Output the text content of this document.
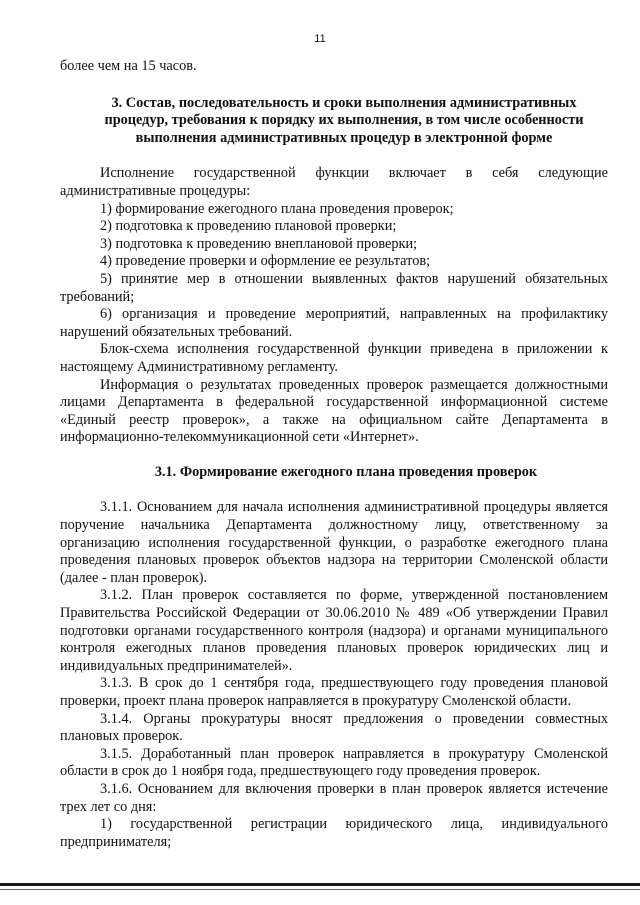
11

более чем на 15 часов.

3. Состав, последовательность и сроки выполнения административных процедур, требования к порядку их выполнения, в том числе особенности выполнения административных процедур в электронной форме

Исполнение государственной функции включает в себя следующие административные процедуры:

1) формирование ежегодного плана проведения проверок;

2) подготовка к проведению плановой проверки;

3) подготовка к проведению внеплановой проверки;

4) проведение проверки и оформление ее результатов;

5) принятие мер в отношении выявленных фактов нарушений обязательных требований;

6) организация и проведение мероприятий, направленных на профилактику нарушений обязательных требований.

Блок-схема исполнения государственной функции приведена в приложении к настоящему Административному регламенту.

Информация о результатах проведенных проверок размещается должностными лицами Департамента в федеральной государственной информационной системе «Единый реестр проверок», а также на официальном сайте Департамента в информационно-телекоммуникационной сети «Интернет».

3.1. Формирование ежегодного плана проведения проверок

3.1.1. Основанием для начала исполнения административной процедуры является поручение начальника Департамента должностному лицу, ответственному за организацию исполнения государственной функции, о разработке ежегодного плана проведения плановых проверок объектов надзора на территории Смоленской области (далее - план проверок).

3.1.2. План проверок составляется по форме, утвержденной постановлением Правительства Российской Федерации от 30.06.2010 № 489 «Об утверждении Правил подготовки органами государственного контроля (надзора) и органами муниципального контроля ежегодных планов проведения плановых проверок юридических лиц и индивидуальных предпринимателей».

3.1.3. В срок до 1 сентября года, предшествующего году проведения плановой проверки, проект плана проверок направляется в прокуратуру Смоленской области.

3.1.4. Органы прокуратуры вносят предложения о проведении совместных плановых проверок.

3.1.5. Доработанный план проверок направляется в прокуратуру Смоленской области в срок до 1 ноября года, предшествующего году проведения проверок.

3.1.6. Основанием для включения проверки в план проверок является истечение трех лет со дня:

1) государственной регистрации юридического лица, индивидуального предпринимателя;
